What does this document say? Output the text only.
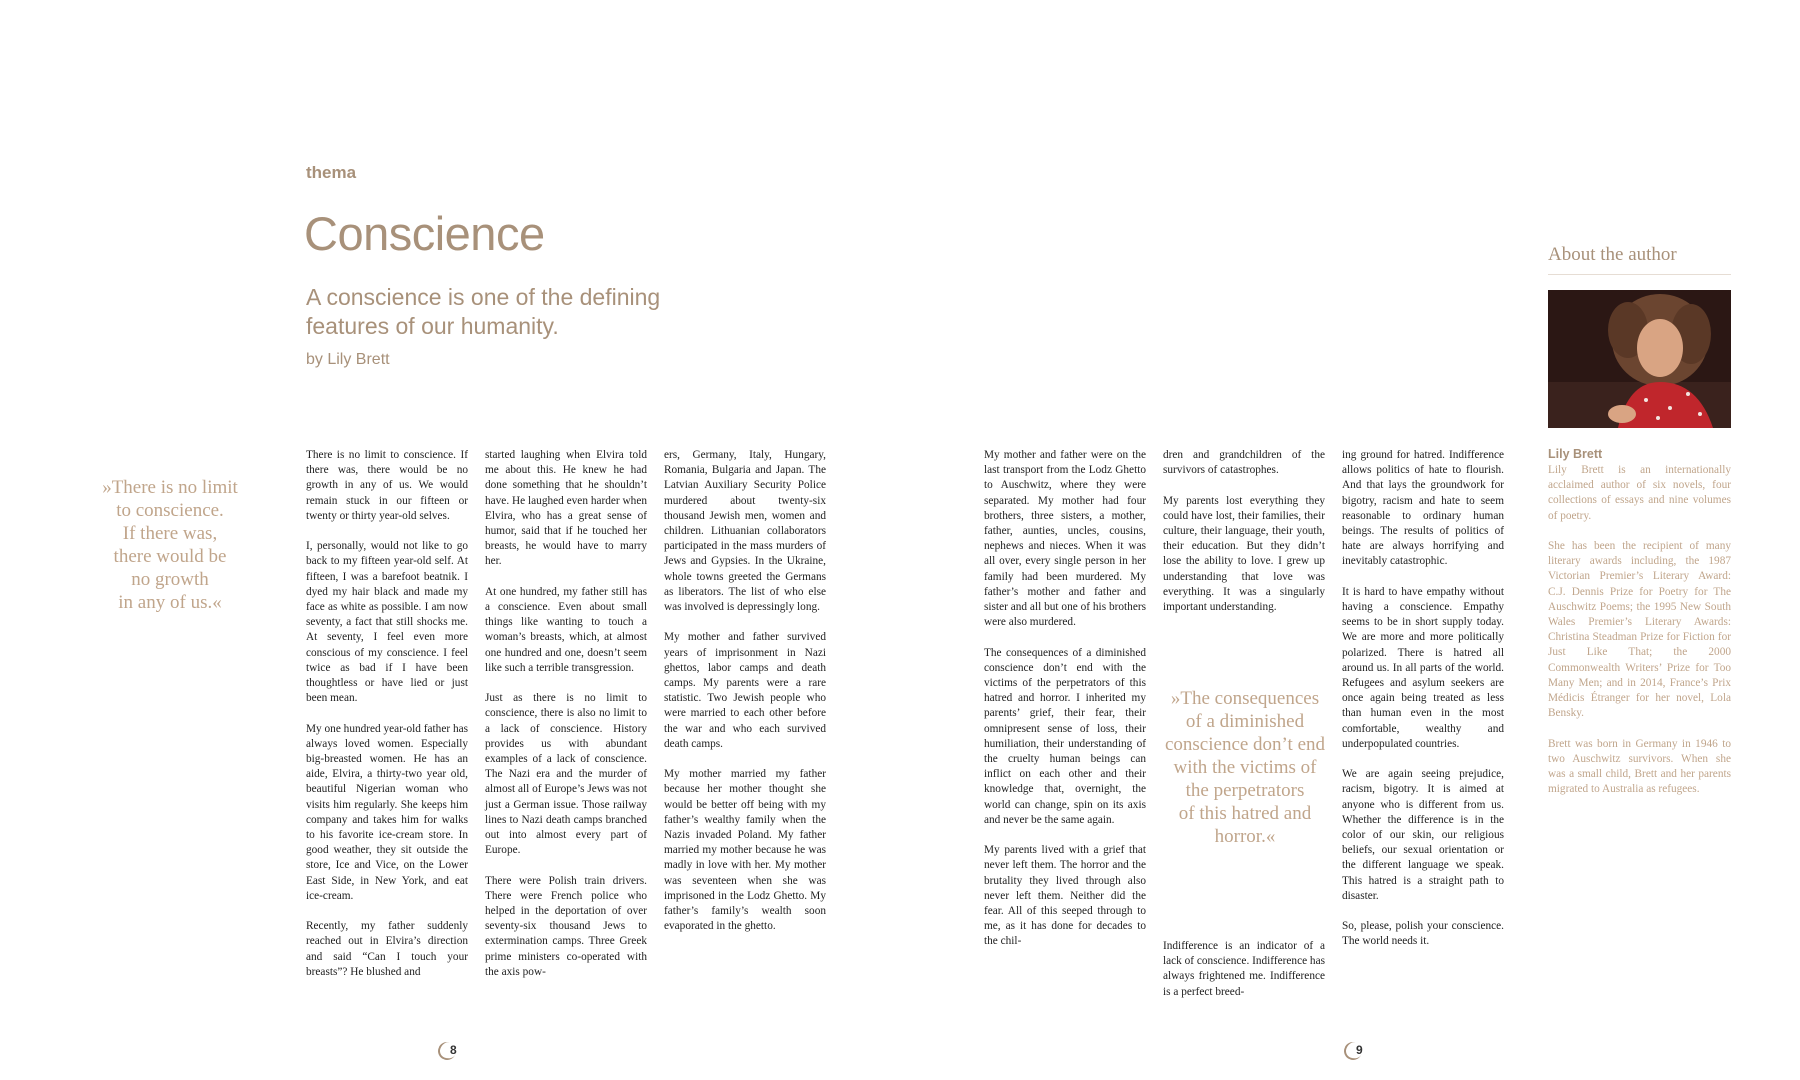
thema
Conscience
A conscience is one of the defining features of our humanity.
by Lily Brett
»There is no limit
to conscience.
If there was,
there would be
no growth
in any of us.«

There is no limit to conscience. If there was, there would be no growth in any of us. We would remain stuck in our fifteen or twenty or thirty year-old selves.

I, personally, would not like to go back to my fifteen year-old self. At fifteen, I was a barefoot beatnik. I dyed my hair black and made my face as white as possible. I am now seventy, a fact that still shocks me. At seventy, I feel even more conscious of my conscience. I feel twice as bad if I have been thoughtless or have lied or just been mean.

My one hundred year-old father has always loved women. Especially big-breasted women. He has an aide, Elvira, a thirty-two year old, beautiful Nigerian woman who visits him regularly. She keeps him company and takes him for walks to his favorite ice-cream store. In good weather, they sit outside the store, Ice and Vice, on the Lower East Side, in New York, and eat ice-cream.

Recently, my father suddenly reached out in Elvira’s direction and said “Can I touch your breasts”? He blushed and

started laughing when Elvira told me about this. He knew he had done something that he shouldn’t have. He laughed even harder when Elvira, who has a great sense of humor, said that if he touched her breasts, he would have to marry her.

At one hundred, my father still has a conscience. Even about small things like wanting to touch a woman’s breasts, which, at almost one hundred and one, doesn’t seem like such a terrible transgression.

Just as there is no limit to conscience, there is also no limit to a lack of conscience. History provides us with abundant examples of a lack of conscience. The Nazi era and the murder of almost all of Europe’s Jews was not just a German issue. Those railway lines to Nazi death camps branched out into almost every part of Europe.

There were Polish train drivers. There were French police who helped in the deportation of over seventy-six thousand Jews to extermination camps. Three Greek prime ministers co-operated with the axis pow-

ers, Germany, Italy, Hungary, Romania, Bulgaria and Japan. The Latvian Auxiliary Security Police murdered about twenty-six thousand Jewish men, women and children. Lithuanian collaborators participated in the mass murders of Jews and Gypsies. In the Ukraine, whole towns greeted the Germans as liberators. The list of who else was involved is depressingly long.

My mother and father survived years of imprisonment in Nazi ghettos, labor camps and death camps. My parents were a rare statistic. Two Jewish people who were married to each other before the war and who each survived death camps.

My mother married my father because her mother thought she would be better off being with my father’s wealthy family when the Nazis invaded Poland. My father married my mother because he was madly in love with her. My mother was seventeen when she was imprisoned in the Lodz Ghetto. My father’s family’s wealth soon evaporated in the ghetto.

8

My mother and father were on the last transport from the Lodz Ghetto to Auschwitz, where they were separated. My mother had four brothers, three sisters, a mother, father, aunties, uncles, cousins, nephews and nieces. When it was all over, every single person in her family had been murdered. My father’s mother and father and sister and all but one of his brothers were also murdered.

The consequences of a diminished conscience don’t end with the victims of the perpetrators of this hatred and horror. I inherited my parents’ grief, their fear, their omnipresent sense of loss, their humiliation, their understanding of the cruelty human beings can inflict on each other and their knowledge that, overnight, the world can change, spin on its axis and never be the same again.

My parents lived with a grief that never left them. The horror and the brutality they lived through also never left them. Neither did the fear. All of this seeped through to me, as it has done for decades to the chil-

dren and grandchildren of the survivors of catastrophes.

My parents lost everything they could have lost, their families, their culture, their language, their youth, their education. But they didn’t lose the ability to love. I grew up understanding that love was everything. It was a singularly important understanding.

»The consequences
of a diminished
conscience don’t end
with the victims of
the perpetrators
of this hatred and
horror.«

Indifference is an indicator of a lack of conscience. Indifference has always frightened me. Indifference is a perfect breed-

ing ground for hatred. Indifference allows politics of hate to flourish. And that lays the groundwork for bigotry, racism and hate to seem reasonable to ordinary human beings. The results of politics of hate are always horrifying and inevitably catastrophic.

It is hard to have empathy without having a conscience. Empathy seems to be in short supply today. We are more and more politically polarized. There is hatred all around us. In all parts of the world. Refugees and asylum seekers are once again being treated as less than human even in the most comfortable, wealthy and underpopulated countries.

We are again seeing prejudice, racism, bigotry. It is aimed at anyone who is different from us. Whether the difference is in the color of our skin, our religious beliefs, our sexual orientation or the different language we speak. This hatred is a straight path to disaster.

So, please, polish your conscience. The world needs it.

9
About the author
Lily Brett

Lily Brett is an internationally acclaimed author of six novels, four collections of essays and nine volumes of poetry.

She has been the recipient of many literary awards including, the 1987 Victorian Premier’s Literary Award: C.J. Dennis Prize for Poetry for The Auschwitz Poems; the 1995 New South Wales Premier’s Literary Awards: Christina Steadman Prize for Fiction for Just Like That; the 2000 Commonwealth Writers’ Prize for Too Many Men; and in 2014, France’s Prix Médicis Étranger for her novel, Lola Bensky.

Brett was born in Germany in 1946 to two Auschwitz survivors. When she was a small child, Brett and her parents migrated to Australia as refugees.
